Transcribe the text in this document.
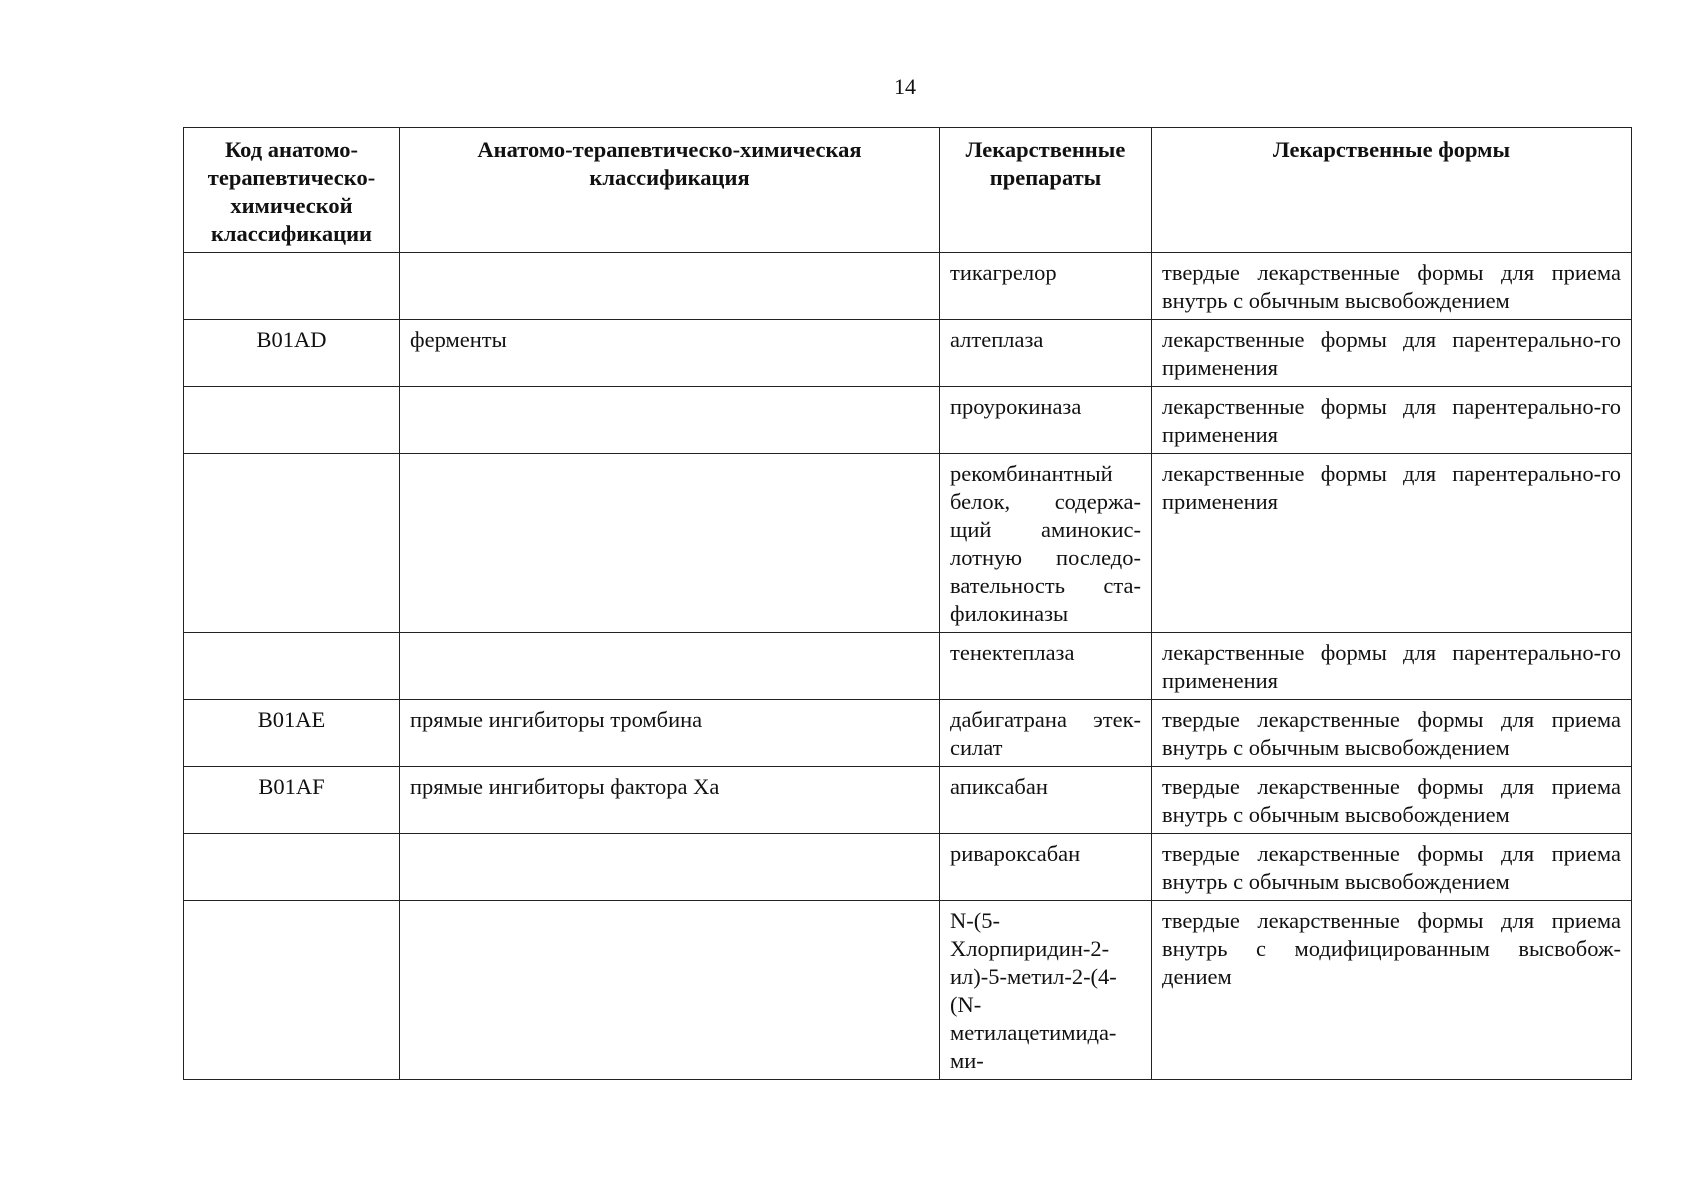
14
Код анатомо-терапевтическо-химической классификации	Анатомо-терапевтическо-химическая классификация	Лекарственные препараты	Лекарственные формы
		тикагрелор	твердые лекарственные формы для приема внутрь с обычным высвобождением
B01AD	ферменты	алтеплаза	лекарственные формы для парентерально-го применения
		проурокиназа	лекарственные формы для парентерально-го применения
		рекомбинантный белок, содержа-щий аминокис-лотную последо-вательность ста-филокиназы	лекарственные формы для парентерально-го применения
		тенектеплаза	лекарственные формы для парентерально-го применения
B01AE	прямые ингибиторы тромбина	дабигатрана этек-силат	твердые лекарственные формы для приема внутрь с обычным высвобождением
B01AF	прямые ингибиторы фактора Xa	апиксабан	твердые лекарственные формы для приема внутрь с обычным высвобождением
		ривароксабан	твердые лекарственные формы для приема внутрь с обычным высвобождением
		N-(5-Хлорпиридин-2-ил)-5-метил-2-(4-(N-метилацетимида-ми-	твердые лекарственные формы для приема внутрь с модифицированным высвобож-дением
